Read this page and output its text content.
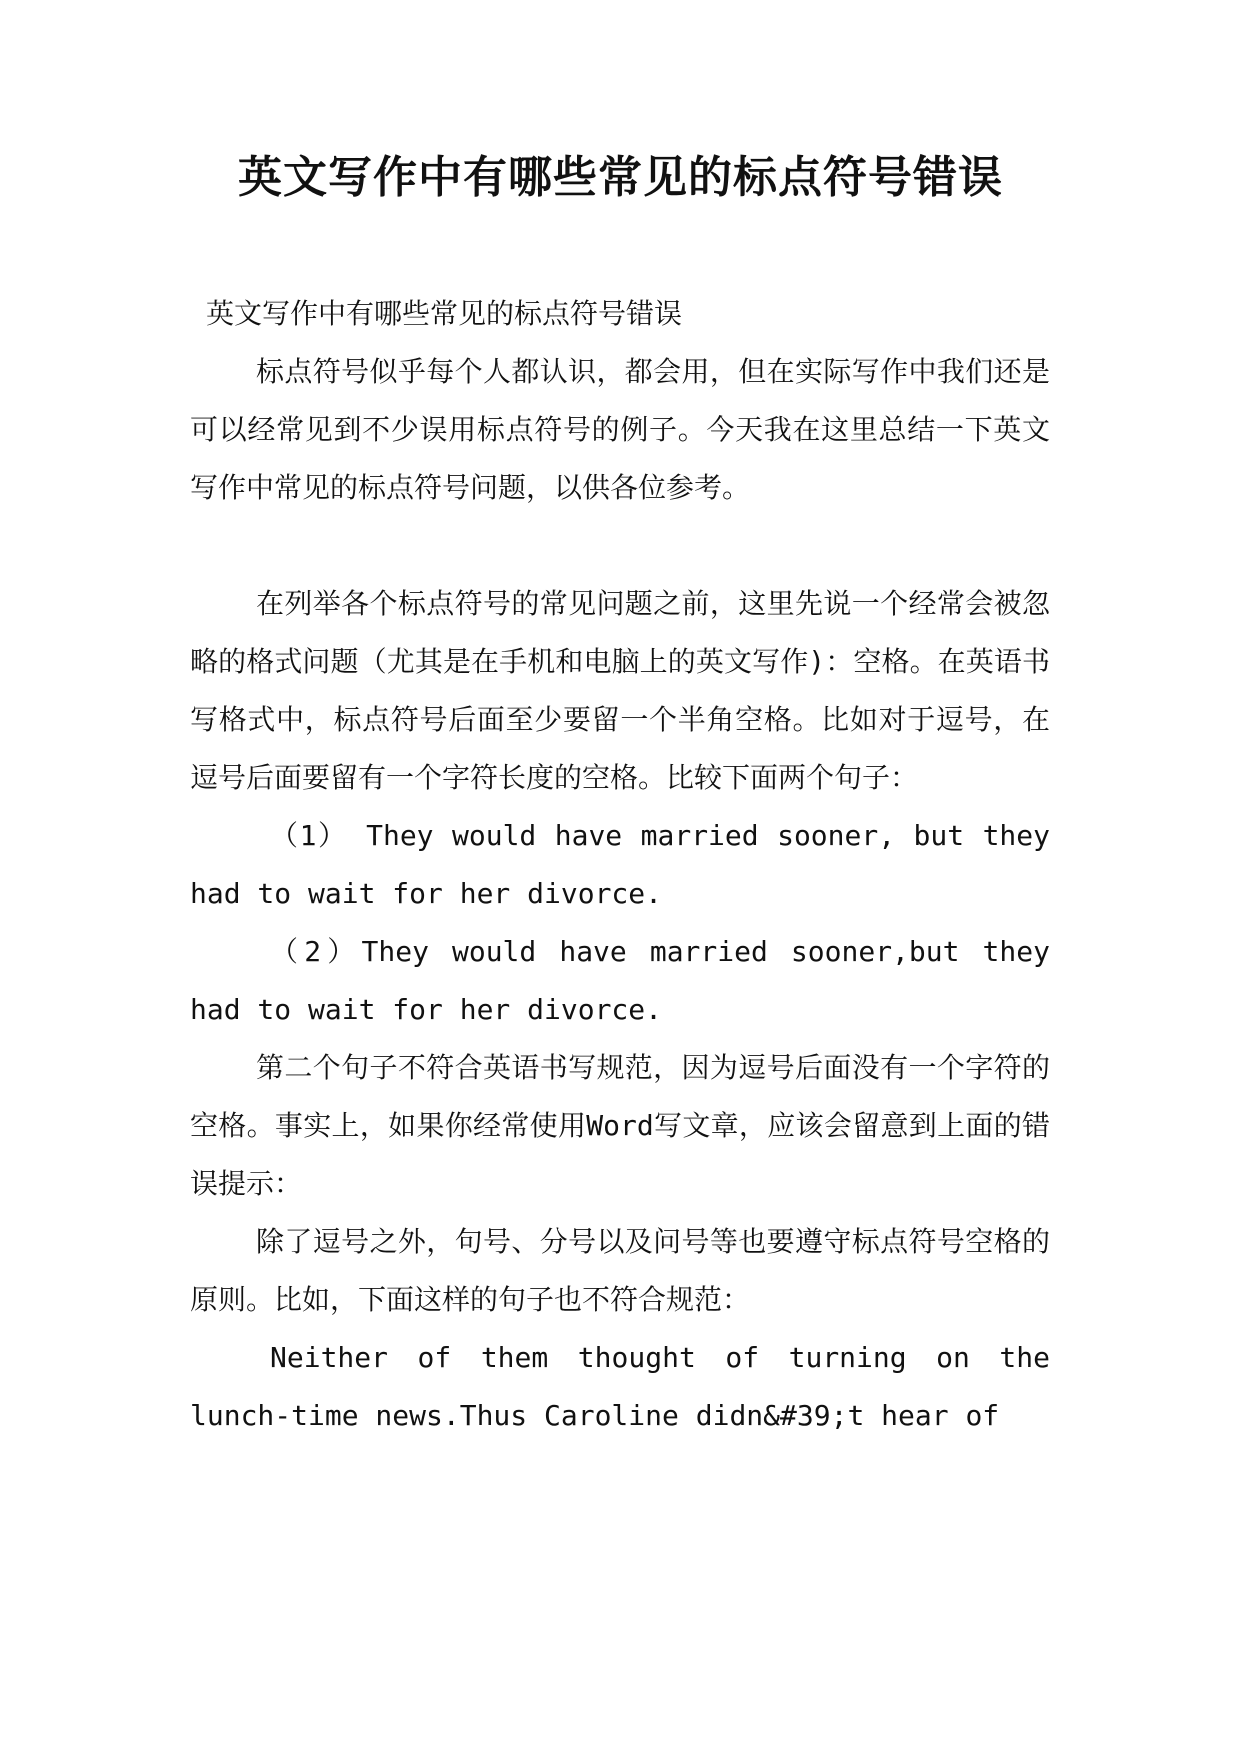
英文写作中有哪些常见的标点符号错误

英文写作中有哪些常见的标点符号错误

标点符号似乎每个人都认识，都会用，但在实际写作中我们还是可以经常见到不少误用标点符号的例子。今天我在这里总结一下英文写作中常见的标点符号问题，以供各位参考。

在列举各个标点符号的常见问题之前，这里先说一个经常会被忽略的格式问题（尤其是在手机和电脑上的英文写作)：空格。在英语书写格式中，标点符号后面至少要留一个半角空格。比如对于逗号，在逗号后面要留有一个字符长度的空格。比较下面两个句子：

（1） They would have married sooner, but they had to wait for her divorce.

（2）They would have married sooner,but they had to wait for her divorce.

第二个句子不符合英语书写规范，因为逗号后面没有一个字符的空格。事实上，如果你经常使用Word写文章，应该会留意到上面的错误提示：

除了逗号之外，句号、分号以及问号等也要遵守标点符号空格的原则。比如，下面这样的句子也不符合规范：

Neither of them thought of turning on the lunch-time news.Thus Caroline didn&#39;t hear of
